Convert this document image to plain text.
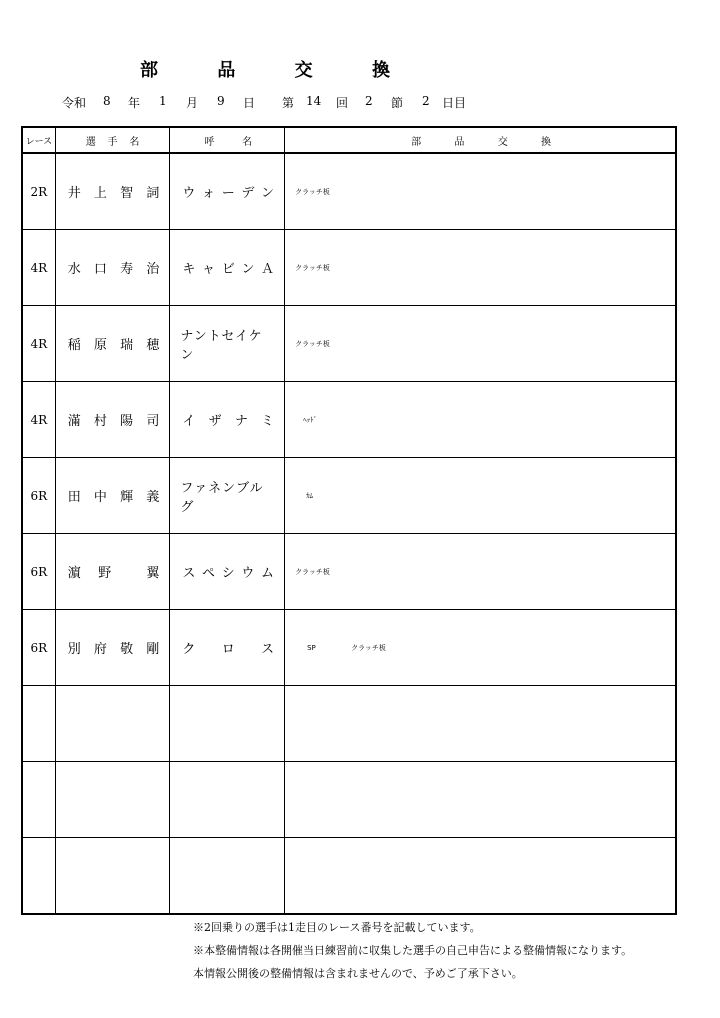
部	品	交	換
令和 8 年 1 月 9 日 第 14 回 2 節 2 日目
レース	選 手 名	呼 名	部 品 交 換

2R	井 上 智 詞	ウ ォ ー デ ン	クラッチ板

4R	水 口 寿 治	キ ャ ビ ン Ａ	クラッチ板

4R	稲 原 瑞 穂	ナントセイケン	クラッチ板

4R	滿 村 陽 司	イ ザ ナ ミ	ﾍｯﾄﾞ

6R	田 中 輝 義	ファネンブルグ	ｶﾑ

6R	濵 野 翼	ス ペ シ ウ ム	クラッチ板

6R	別 府 敬 剛	ク ロ ス	SP クラッチ板

※2回乗りの選手は1走目のレース番号を記載しています。
※本整備情報は各開催当日練習前に収集した選手の自己申告による整備情報になります。
本情報公開後の整備情報は含まれませんので、予めご了承下さい。
